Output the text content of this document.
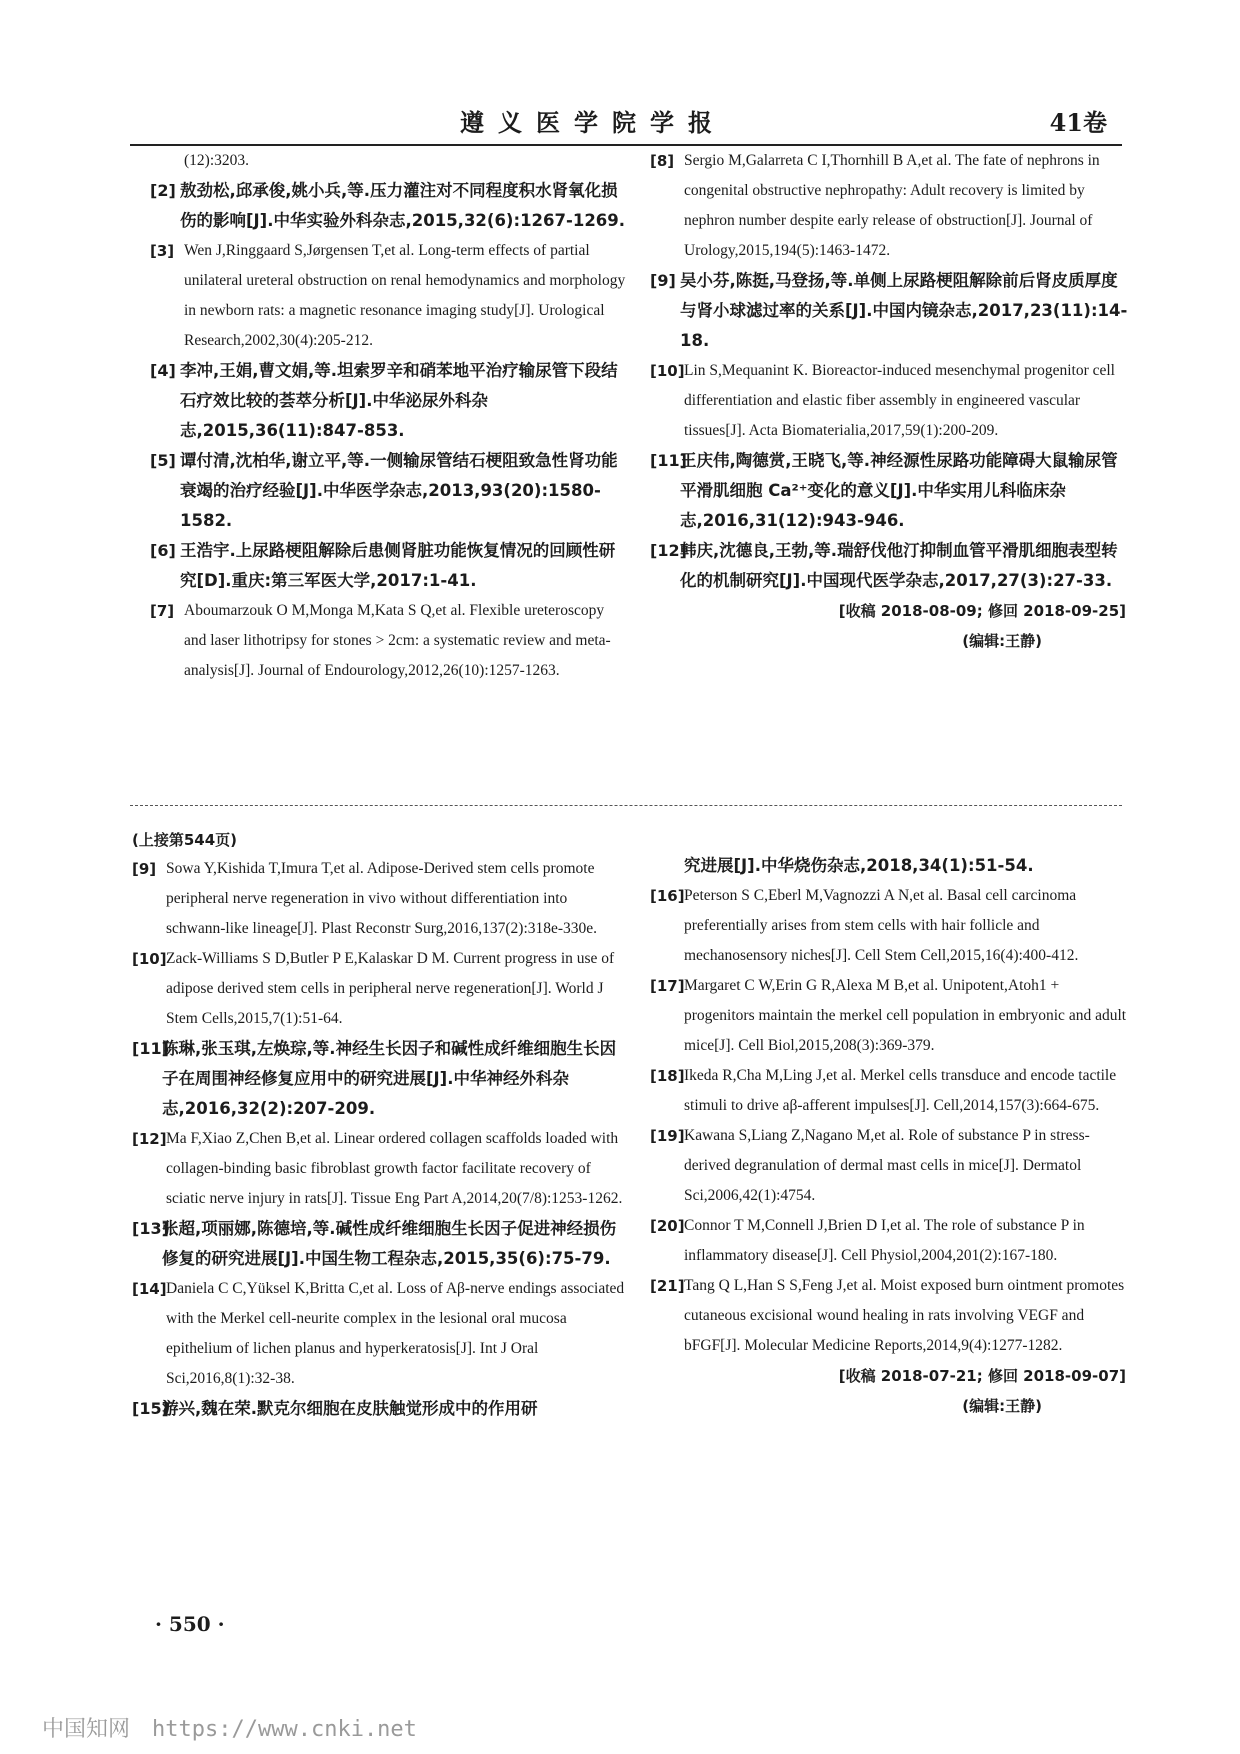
遵义医学院学报	41卷

(12):3203.

[2] 敖劲松,邱承俊,姚小兵,等.压力灌注对不同程度积水肾氧化损伤的影响[J].中华实验外科杂志,2015,32(6):1267-1269.

[3] Wen J,Ringgaard S,Jørgensen T,et al. Long-term effects of partial unilateral ureteral obstruction on renal hemodynamics and morphology in newborn rats: a magnetic resonance imaging study[J]. Urological Research,2002,30(4):205-212.

[4] 李冲,王娟,曹文娟,等.坦索罗辛和硝苯地平治疗输尿管下段结石疗效比较的荟萃分析[J].中华泌尿外科杂志,2015,36(11):847-853.

[5] 谭付清,沈柏华,谢立平,等.一侧输尿管结石梗阻致急性肾功能衰竭的治疗经验[J].中华医学杂志,2013,93(20):1580-1582.

[6] 王浩宇.上尿路梗阻解除后患侧肾脏功能恢复情况的回顾性研究[D].重庆:第三军医大学,2017:1-41.

[7] Aboumarzouk O M,Monga M,Kata S Q,et al. Flexible ureteroscopy and laser lithotripsy for stones > 2cm: a systematic review and meta-analysis[J]. Journal of Endourology,2012,26(10):1257-1263.

[8] Sergio M,Galarreta C I,Thornhill B A,et al. The fate of nephrons in congenital obstructive nephropathy: Adult recovery is limited by nephron number despite early release of obstruction[J]. Journal of Urology,2015,194(5):1463-1472.

[9] 吴小芬,陈挺,马登扬,等.单侧上尿路梗阻解除前后肾皮质厚度与肾小球滤过率的关系[J].中国内镜杂志,2017,23(11):14-18.

[10] Lin S,Mequanint K. Bioreactor-induced mesenchymal progenitor cell differentiation and elastic fiber assembly in engineered vascular tissues[J]. Acta Biomaterialia,2017,59(1):200-209.

[11]
王庆伟,陶德赏,王晓飞,等.神经源性尿路功能障碍大鼠输尿管平滑肌细胞 Ca²⁺变化的意义[J].中华实用儿科临床杂志,2016,31(12):943-946.

[12]
韩庆,沈德良,王勃,等.瑞舒伐他汀抑制血管平滑肌细胞表型转化的机制研究[J].中国现代医学杂志,2017,27(3):27-33.

[收稿 2018-08-09; 修回 2018-09-25]

(编辑:王静)

(上接第544页)

[9] Sowa Y,Kishida T,Imura T,et al. Adipose-Derived stem cells promote peripheral nerve regeneration in vivo without differentiation into schwann-like lineage[J]. Plast Reconstr Surg,2016,137(2):318e-330e.

[10] Zack-Williams S D,Butler P E,Kalaskar D M. Current progress in use of adipose derived stem cells in peripheral nerve regeneration[J]. World J Stem Cells,2015,7(1):51-64.

[11]
陈琳,张玉琪,左焕琮,等.神经生长因子和碱性成纤维细胞生长因子在周围神经修复应用中的研究进展[J].中华神经外科杂志,2016,32(2):207-209.

[12] Ma F,Xiao Z,Chen B,et al. Linear ordered collagen scaffolds loaded with collagen-binding basic fibroblast growth factor facilitate recovery of sciatic nerve injury in rats[J]. Tissue Eng Part A,2014,20(7/8):1253-1262.

[13]
张超,项丽娜,陈德培,等.碱性成纤维细胞生长因子促进神经损伤修复的研究进展[J].中国生物工程杂志,2015,35(6):75-79.

[14] Daniela C C,Yüksel K,Britta C,et al. Loss of Aβ-nerve endings associated with the Merkel cell-neurite complex in the lesional oral mucosa epithelium of lichen planus and hyperkeratosis[J]. Int J Oral Sci,2016,8(1):32-38.

[15]
游兴,魏在荣.默克尔细胞在皮肤触觉形成中的作用研

究进展[J].中华烧伤杂志,2018,34(1):51-54.

[16] Peterson S C,Eberl M,Vagnozzi A N,et al. Basal cell carcinoma preferentially arises from stem cells with hair follicle and mechanosensory niches[J]. Cell Stem Cell,2015,16(4):400-412.

[17] Margaret C W,Erin G R,Alexa M B,et al. Unipotent,Atoh1 + progenitors maintain the merkel cell population in embryonic and adult mice[J]. Cell Biol,2015,208(3):369-379.

[18] Ikeda R,Cha M,Ling J,et al. Merkel cells transduce and encode tactile stimuli to drive aβ-afferent impulses[J]. Cell,2014,157(3):664-675.

[19] Kawana S,Liang Z,Nagano M,et al. Role of substance P in stress-derived degranulation of dermal mast cells in mice[J]. Dermatol Sci,2006,42(1):4754.

[20] Connor T M,Connell J,Brien D I,et al. The role of substance P in inflammatory disease[J]. Cell Physiol,2004,201(2):167-180.

[21] Tang Q L,Han S S,Feng J,et al. Moist exposed burn ointment promotes cutaneous excisional wound healing in rats involving VEGF and bFGF[J]. Molecular Medicine Reports,2014,9(4):1277-1282.

[收稿 2018-07-21; 修回 2018-09-07]

(编辑:王静)

· 550 ·
中国知网 https://www.cnki.net
